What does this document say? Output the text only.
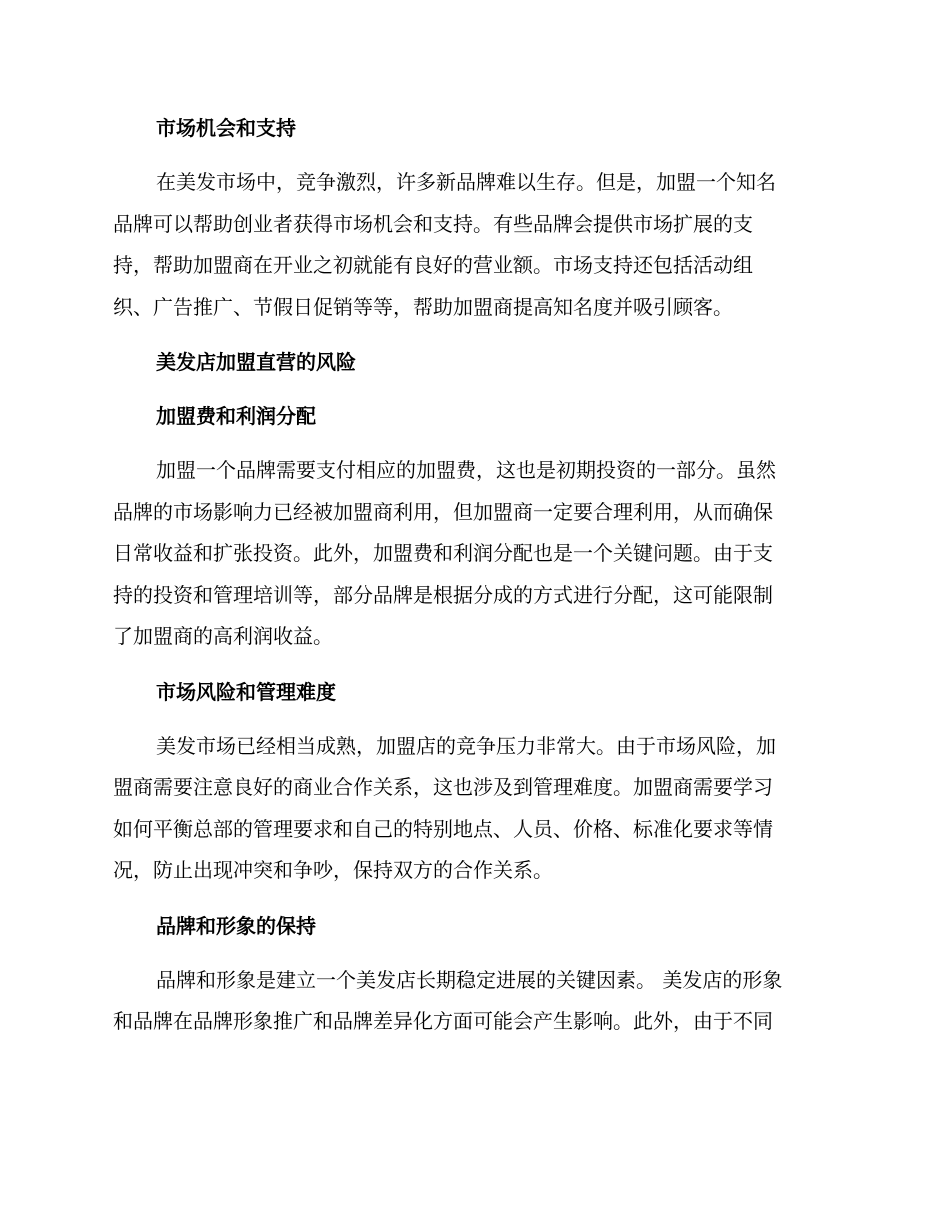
市场机会和支持

在美发市场中，竞争激烈，许多新品牌难以生存。但是，加盟一个知名
品牌可以帮助创业者获得市场机会和支持。有些品牌会提供市场扩展的支
持，帮助加盟商在开业之初就能有良好的营业额。市场支持还包括活动组
织、广告推广、节假日促销等等，帮助加盟商提高知名度并吸引顾客。

美发店加盟直营的风险
加盟费和利润分配

加盟一个品牌需要支付相应的加盟费，这也是初期投资的一部分。虽然
品牌的市场影响力已经被加盟商利用，但加盟商一定要合理利用，从而确保
日常收益和扩张投资。此外，加盟费和利润分配也是一个关键问题。由于支
持的投资和管理培训等，部分品牌是根据分成的方式进行分配，这可能限制
了加盟商的高利润收益。

市场风险和管理难度

美发市场已经相当成熟，加盟店的竞争压力非常大。由于市场风险，加
盟商需要注意良好的商业合作关系，这也涉及到管理难度。加盟商需要学习
如何平衡总部的管理要求和自己的特别地点、人员、价格、标准化要求等情
况，防止出现冲突和争吵，保持双方的合作关系。

品牌和形象的保持

品牌和形象是建立一个美发店长期稳定进展的关键因素。 美发店的形象
和品牌在品牌形象推广和品牌差异化方面可能会产生影响。此外，由于不同
